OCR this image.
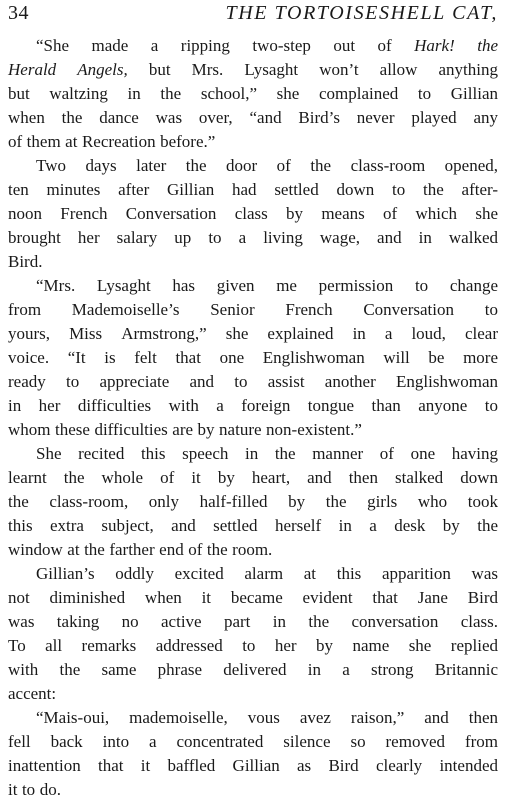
34	THE TORTOISESHELL CAT,
“She made a ripping two-step out of Hark! the
Herald Angels, but Mrs. Lysaght won’t allow anything
but waltzing in the school,” she complained to Gillian
when the dance was over, “and Bird’s never played any
of them at Recreation before.”
Two days later the door of the class-room opened,
ten minutes after Gillian had settled down to the after-
noon French Conversation class by means of which she
brought her salary up to a living wage, and in walked
Bird.
“Mrs. Lysaght has given me permission to change
from Mademoiselle’s Senior French Conversation to
yours, Miss Armstrong,” she explained in a loud, clear
voice. “It is felt that one Englishwoman will be more
ready to appreciate and to assist another Englishwoman
in her difficulties with a foreign tongue than anyone to
whom these difficulties are by nature non-existent.”
She recited this speech in the manner of one having
learnt the whole of it by heart, and then stalked down
the class-room, only half-filled by the girls who took
this extra subject, and settled herself in a desk by the
window at the farther end of the room.
Gillian’s oddly excited alarm at this apparition was
not diminished when it became evident that Jane Bird
was taking no active part in the conversation class.
To all remarks addressed to her by name she replied
with the same phrase delivered in a strong Britannic
accent:
“Mais-oui, mademoiselle, vous avez raison,” and then
fell back into a concentrated silence so removed from
inattention that it baffled Gillian as Bird clearly intended
it to do.
